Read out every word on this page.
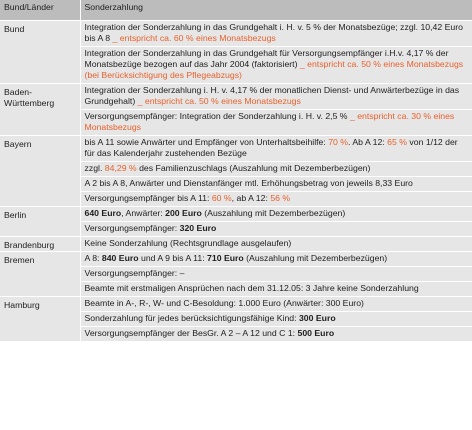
Bund/Länder	Sonderzahlung
Bund	Integration der Sonderzahlung in das Grundgehalt i. H. v. 5 % der Monatsbezüge; zzgl. 10,42 Euro bis A 8 _ entspricht ca. 60 % eines Monatsbezugs
Integration der Sonderzahlung in das Grundgehalt für Versorgungsempfänger i.H.v. 4,17 % der Monatsbezüge bezogen auf das Jahr 2004 (faktorisiert) _ entspricht ca. 50 % eines Monatsbezugs (bei Berücksichtigung des Pflegeabzugs)

Baden-Württemberg	Integration der Sonderzahlung i. H. v. 4,17 % der monatlichen Dienst- und Anwärterbezüge in das Grundgehalt) _ entspricht ca. 50 % eines Monatsbezugs
Versorgungsempfänger: Integration der Sonderzahlung i. H. v. 2,5 % _ entspricht ca. 30 % eines Monatsbezugs

Bayern	bis A 11 sowie Anwärter und Empfänger von Unterhaltsbeihilfe: 70 %. Ab A 12: 65 % von 1/12 der für das Kalenderjahr zustehenden Bezüge
zzgl. 84,29 % des Familienzuschlags (Auszahlung mit Dezemberbezügen)
A 2 bis A 8, Anwärter und Dienstanfänger mtl. Erhöhungsbetrag von jeweils 8,33 Euro
Versorgungsempfänger bis A 11: 60 %, ab A 12: 56 %

Berlin	640 Euro, Anwärter: 200 Euro (Auszahlung mit Dezemberbezügen)
Versorgungsempfänger: 320 Euro

Brandenburg	Keine Sonderzahlung (Rechtsgrundlage ausgelaufen)

Bremen	A 8: 840 Euro und A 9 bis A 11: 710 Euro (Auszahlung mit Dezemberbezügen)
Versorgungsempfänger: –
Beamte mit erstmaligen Ansprüchen nach dem 31.12.05: 3 Jahre keine Sonderzahlung

Hamburg	Beamte in A-, R-, W- und C-Besoldung: 1.000 Euro (Anwärter: 300 Euro)
Sonderzahlung für jedes berücksichtigungsfähige Kind: 300 Euro
Versorgungsempfänger der BesGr. A 2 – A 12 und C 1: 500 Euro
